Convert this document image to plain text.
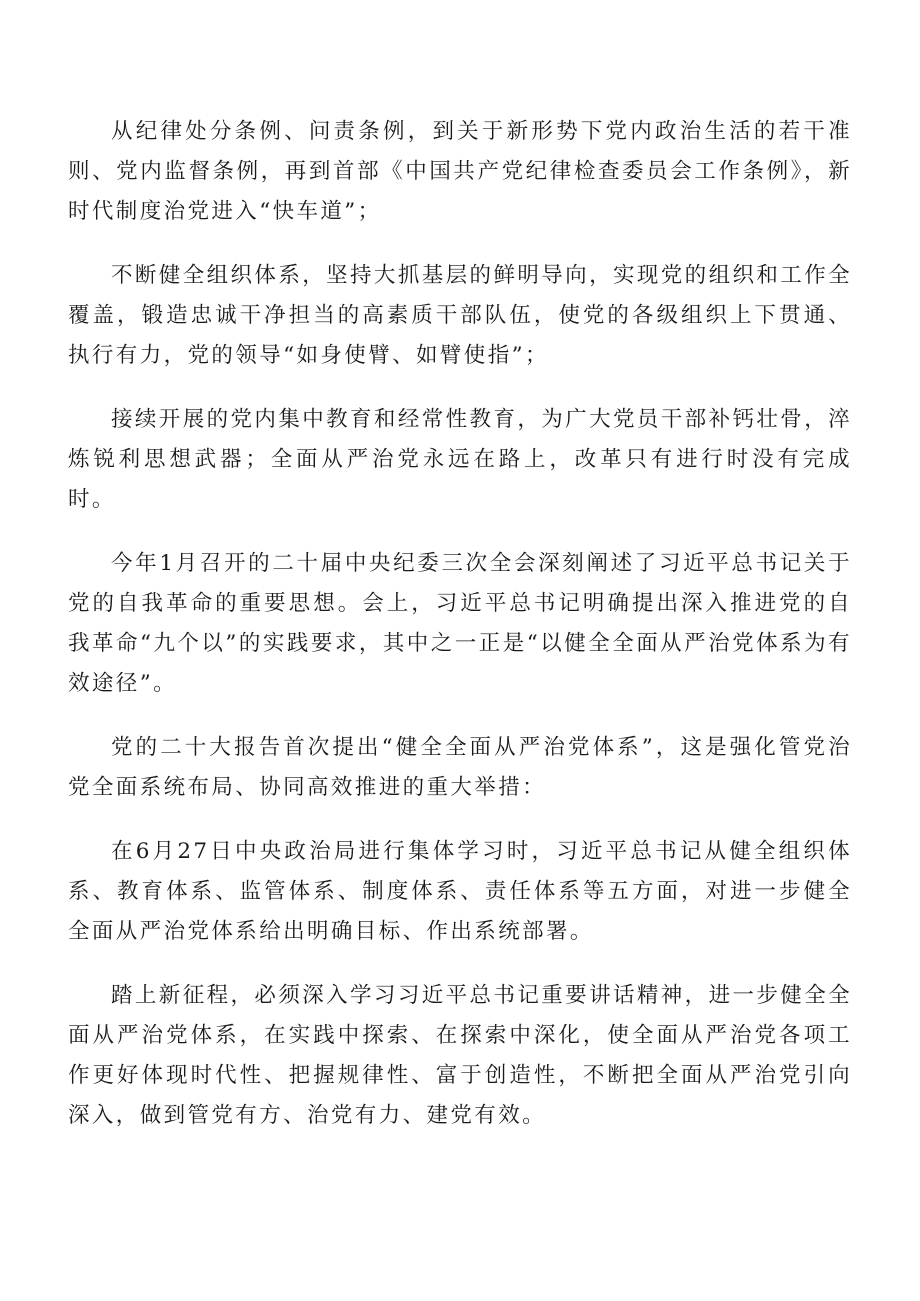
从纪律处分条例、问责条例，到关于新形势下党内政治生活的若干准则、党内监督条例，再到首部《中国共产党纪律检查委员会工作条例》，新时代制度治党进入“快车道”；

不断健全组织体系，坚持大抓基层的鲜明导向，实现党的组织和工作全覆盖，锻造忠诚干净担当的高素质干部队伍，使党的各级组织上下贯通、执行有力，党的领导“如身使臂、如臂使指”；

接续开展的党内集中教育和经常性教育，为广大党员干部补钙壮骨，淬炼锐利思想武器；全面从严治党永远在路上，改革只有进行时没有完成时。

今年1月召开的二十届中央纪委三次全会深刻阐述了习近平总书记关于党的自我革命的重要思想。会上，习近平总书记明确提出深入推进党的自我革命“九个以”的实践要求，其中之一正是“以健全全面从严治党体系为有效途径”。

党的二十大报告首次提出“健全全面从严治党体系”，这是强化管党治党全面系统布局、协同高效推进的重大举措：

在6月27日中央政治局进行集体学习时，习近平总书记从健全组织体系、教育体系、监管体系、制度体系、责任体系等五方面，对进一步健全全面从严治党体系给出明确目标、作出系统部署。

踏上新征程，必须深入学习习近平总书记重要讲话精神，进一步健全全面从严治党体系，在实践中探索、在探索中深化，使全面从严治党各项工作更好体现时代性、把握规律性、富于创造性，不断把全面从严治党引向深入，做到管党有方、治党有力、建党有效。
